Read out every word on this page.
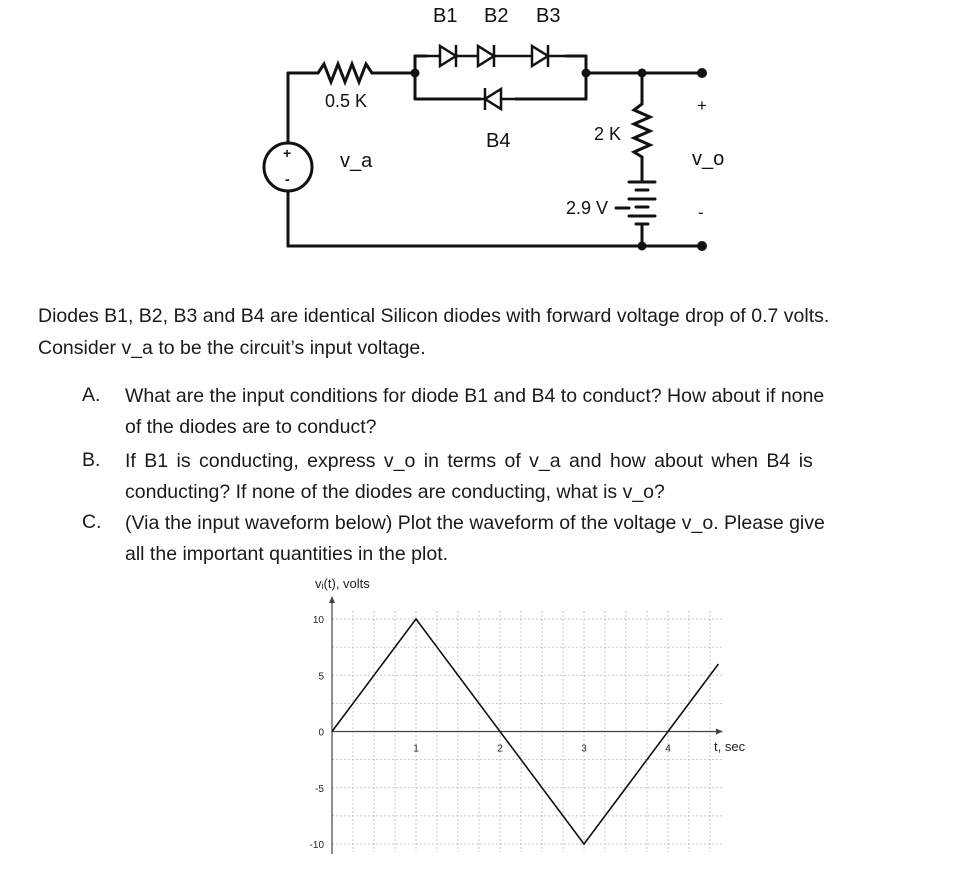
B1 B2 B3
B4
0.5 K
2 K
2.9 V
v_a	v_o
+
-
+
-
Diodes B1, B2, B3 and B4 are identical Silicon diodes with forward voltage drop of 0.7 volts.
Consider v_a to be the circuit’s input voltage.
A. What are the input conditions for diode B1 and B4 to conduct? How about if none
of the diodes are to conduct?
B. If B1 is conducting, express v_o in terms of v_a and how about when B4 is
conducting? If none of the diodes are conducting, what is v_o?
C. (Via the input waveform below) Plot the waveform of the voltage v_o. Please give
all the important quantities in the plot.
10
5
0
-5
-10
1	2	3	4
vᵢ(t), volts
t, sec
